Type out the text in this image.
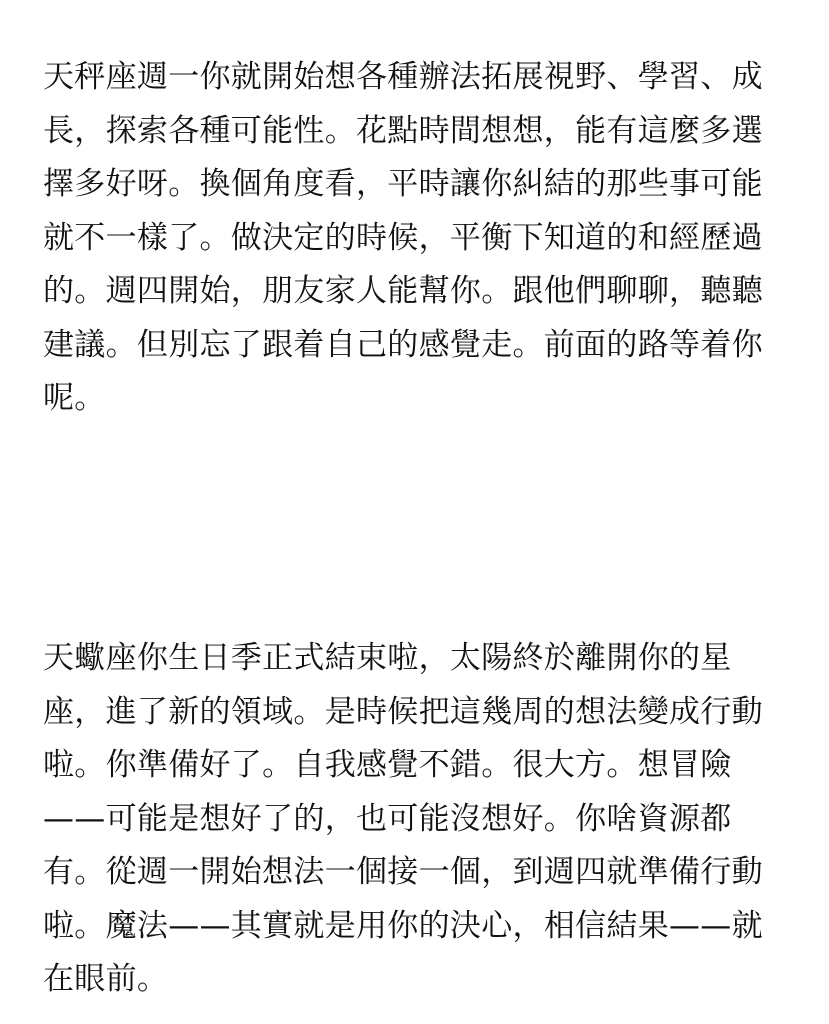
天秤座週一你就開始想各種辦法拓展視野、學習、成長，探索各種可能性。花點時間想想，能有這麼多選擇多好呀。換個角度看，平時讓你糾結的那些事可能就不一樣了。做決定的時候，平衡下知道的和經歷過的。週四開始，朋友家人能幫你。跟他們聊聊，聽聽建議。但別忘了跟着自己的感覺走。前面的路等着你呢。

天蠍座你生日季正式結束啦，太陽終於離開你的星座，進了新的領域。是時候把這幾周的想法變成行動啦。你準備好了。自我感覺不錯。很大方。想冒險——可能是想好了的，也可能沒想好。你啥資源都有。從週一開始想法一個接一個，到週四就準備行動啦。魔法——其實就是用你的決心，相信結果——就在眼前。
